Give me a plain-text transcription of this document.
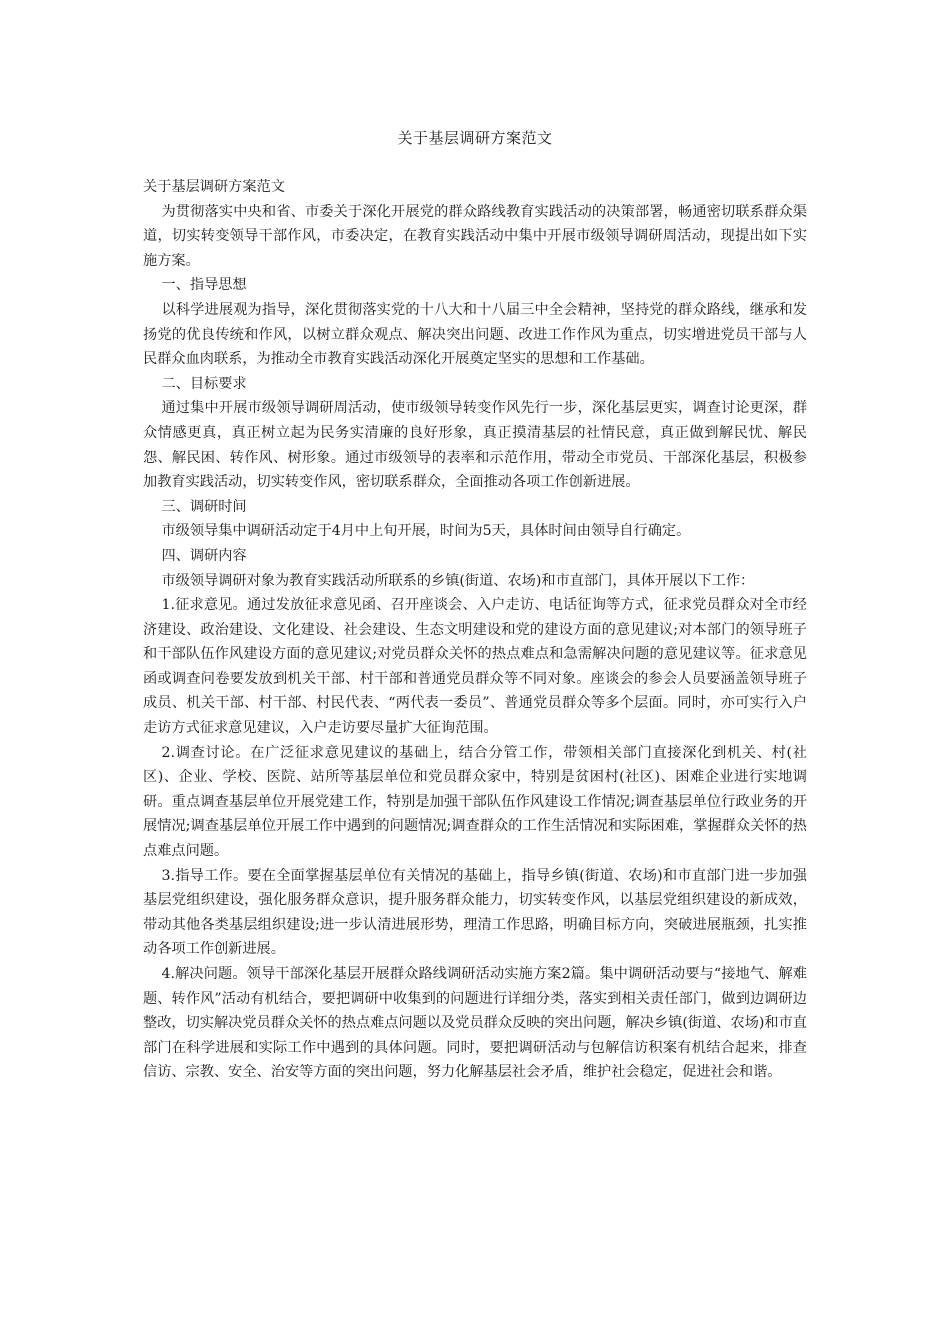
关于基层调研方案范文

关于基层调研方案范文

为贯彻落实中央和省、市委关于深化开展党的群众路线教育实践活动的决策部署，畅通密切联系群众渠道，切实转变领导干部作风，市委决定，在教育实践活动中集中开展市级领导调研周活动，现提出如下实施方案。

一、指导思想

以科学进展观为指导，深化贯彻落实党的十八大和十八届三中全会精神，坚持党的群众路线，继承和发扬党的优良传统和作风，以树立群众观点、解决突出问题、改进工作作风为重点，切实增进党员干部与人民群众血肉联系，为推动全市教育实践活动深化开展奠定坚实的思想和工作基础。

二、目标要求

通过集中开展市级领导调研周活动，使市级领导转变作风先行一步，深化基层更实，调查讨论更深，群众情感更真，真正树立起为民务实清廉的良好形象，真正摸清基层的社情民意，真正做到解民忧、解民怨、解民困、转作风、树形象。通过市级领导的表率和示范作用，带动全市党员、干部深化基层，积极参加教育实践活动，切实转变作风，密切联系群众，全面推动各项工作创新进展。

三、调研时间

市级领导集中调研活动定于4月中上旬开展，时间为5天，具体时间由领导自行确定。

四、调研内容

市级领导调研对象为教育实践活动所联系的乡镇(街道、农场)和市直部门，具体开展以下工作：

1.征求意见。通过发放征求意见函、召开座谈会、入户走访、电话征询等方式，征求党员群众对全市经济建设、政治建设、文化建设、社会建设、生态文明建设和党的建设方面的意见建议;对本部门的领导班子和干部队伍作风建设方面的意见建议;对党员群众关怀的热点难点和急需解决问题的意见建议等。征求意见函或调查问卷要发放到机关干部、村干部和普通党员群众等不同对象。座谈会的参会人员要涵盖领导班子成员、机关干部、村干部、村民代表、“两代表一委员”、普通党员群众等多个层面。同时，亦可实行入户走访方式征求意见建议，入户走访要尽量扩大征询范围。

2.调查讨论。在广泛征求意见建议的基础上，结合分管工作，带领相关部门直接深化到机关、村(社区)、企业、学校、医院、站所等基层单位和党员群众家中，特别是贫困村(社区)、困难企业进行实地调研。重点调查基层单位开展党建工作，特别是加强干部队伍作风建设工作情况;调查基层单位行政业务的开展情况;调查基层单位开展工作中遇到的问题情况;调查群众的工作生活情况和实际困难，掌握群众关怀的热点难点问题。

3.指导工作。要在全面掌握基层单位有关情况的基础上，指导乡镇(街道、农场)和市直部门进一步加强基层党组织建设，强化服务群众意识，提升服务群众能力，切实转变作风，以基层党组织建设的新成效，带动其他各类基层组织建设;进一步认清进展形势，理清工作思路，明确目标方向，突破进展瓶颈，扎实推动各项工作创新进展。

4.解决问题。领导干部深化基层开展群众路线调研活动实施方案2篇。集中调研活动要与“接地气、解难题、转作风”活动有机结合，要把调研中收集到的问题进行详细分类，落实到相关责任部门，做到边调研边整改，切实解决党员群众关怀的热点难点问题以及党员群众反映的突出问题，解决乡镇(街道、农场)和市直部门在科学进展和实际工作中遇到的具体问题。同时，要把调研活动与包解信访积案有机结合起来，排查信访、宗教、安全、治安等方面的突出问题，努力化解基层社会矛盾，维护社会稳定，促进社会和谐。
